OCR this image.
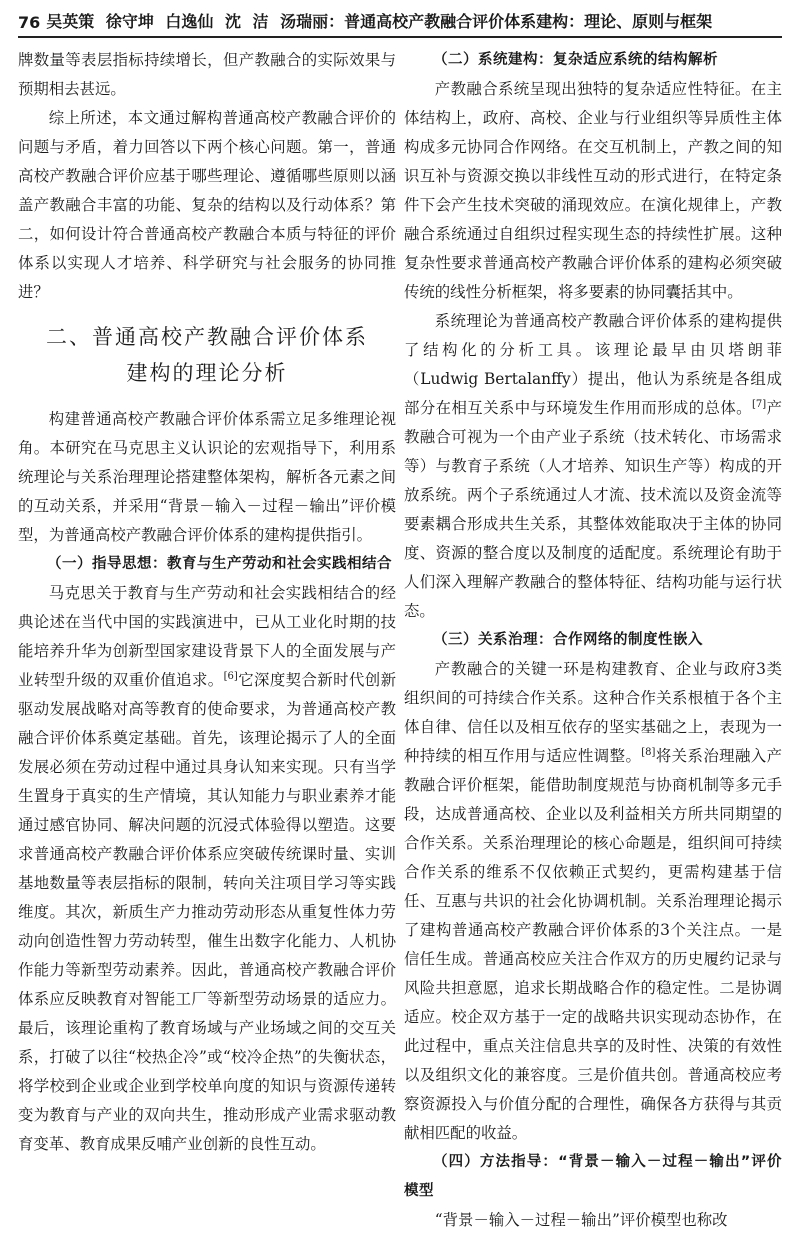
76 吴英策 徐守坤 白逸仙 沈 洁 汤瑞丽： 普通高校产教融合评价体系建构：理论、原则与框架

牌数量等表层指标持续增长，但产教融合的实际效果与预期相去甚远。

综上所述，本文通过解构普通高校产教融合评价的问题与矛盾，着力回答以下两个核心问题。第一，普通高校产教融合评价应基于哪些理论、遵循哪些原则以涵盖产教融合丰富的功能、复杂的结构以及行动体系？第二，如何设计符合普通高校产教融合本质与特征的评价体系以实现人才培养、科学研究与社会服务的协同推进？

二、普通高校产教融合评价体系
建构的理论分析

构建普通高校产教融合评价体系需立足多维理论视角。本研究在马克思主义认识论的宏观指导下，利用系统理论与关系治理理论搭建整体架构，解析各元素之间的互动关系，并采用“背景－输入－过程－输出”评价模型，为普通高校产教融合评价体系的建构提供指引。

（一）指导思想：教育与生产劳动和社会实践相结合

马克思关于教育与生产劳动和社会实践相结合的经典论述在当代中国的实践演进中，已从工业化时期的技能培养升华为创新型国家建设背景下人的全面发展与产业转型升级的双重价值追求。[6]它深度契合新时代创新驱动发展战略对高等教育的使命要求，为普通高校产教融合评价体系奠定基础。首先，该理论揭示了人的全面发展必须在劳动过程中通过具身认知来实现。只有当学生置身于真实的生产情境，其认知能力与职业素养才能通过感官协同、解决问题的沉浸式体验得以塑造。这要求普通高校产教融合评价体系应突破传统课时量、实训基地数量等表层指标的限制，转向关注项目学习等实践维度。其次，新质生产力推动劳动形态从重复性体力劳动向创造性智力劳动转型，催生出数字化能力、人机协作能力等新型劳动素养。因此，普通高校产教融合评价体系应反映教育对智能工厂等新型劳动场景的适应力。最后，该理论重构了教育场域与产业场域之间的交互关系，打破了以往“校热企冷”或“校冷企热”的失衡状态，将学校到企业或企业到学校单向度的知识与资源传递转变为教育与产业的双向共生，推动形成产业需求驱动教育变革、教育成果反哺产业创新的良性互动。

（二）系统建构：复杂适应系统的结构解析

产教融合系统呈现出独特的复杂适应性特征。在主体结构上，政府、高校、企业与行业组织等异质性主体构成多元协同合作网络。在交互机制上，产教之间的知识互补与资源交换以非线性互动的形式进行，在特定条件下会产生技术突破的涌现效应。在演化规律上，产教融合系统通过自组织过程实现生态的持续性扩展。这种复杂性要求普通高校产教融合评价体系的建构必须突破传统的线性分析框架，将多要素的协同囊括其中。

系统理论为普通高校产教融合评价体系的建构提供了结构化的分析工具。该理论最早由贝塔朗菲（Ludwig Bertalanffy）提出，他认为系统是各组成部分在相互关系中与环境发生作用而形成的总体。[7]产教融合可视为一个由产业子系统（技术转化、市场需求等）与教育子系统（人才培养、知识生产等）构成的开放系统。两个子系统通过人才流、技术流以及资金流等要素耦合形成共生关系，其整体效能取决于主体的协同度、资源的整合度以及制度的适配度。系统理论有助于人们深入理解产教融合的整体特征、结构功能与运行状态。

（三）关系治理：合作网络的制度性嵌入

产教融合的关键一环是构建教育、企业与政府3类组织间的可持续合作关系。这种合作关系根植于各个主体自律、信任以及相互依存的坚实基础之上，表现为一种持续的相互作用与适应性调整。[8]将关系治理融入产教融合评价框架，能借助制度规范与协商机制等多元手段，达成普通高校、企业以及利益相关方所共同期望的合作关系。关系治理理论的核心命题是，组织间可持续合作关系的维系不仅依赖正式契约，更需构建基于信任、互惠与共识的社会化协调机制。关系治理理论揭示了建构普通高校产教融合评价体系的3个关注点。一是信任生成。普通高校应关注合作双方的历史履约记录与风险共担意愿，追求长期战略合作的稳定性。二是协调适应。校企双方基于一定的战略共识实现动态协作，在此过程中，重点关注信息共享的及时性、决策的有效性以及组织文化的兼容度。三是价值共创。普通高校应考察资源投入与价值分配的合理性，确保各方获得与其贡献相匹配的收益。

（四）方法指导：“背景－输入－过程－输出”评价模型

“背景－输入－过程－输出”评价模型也称改
